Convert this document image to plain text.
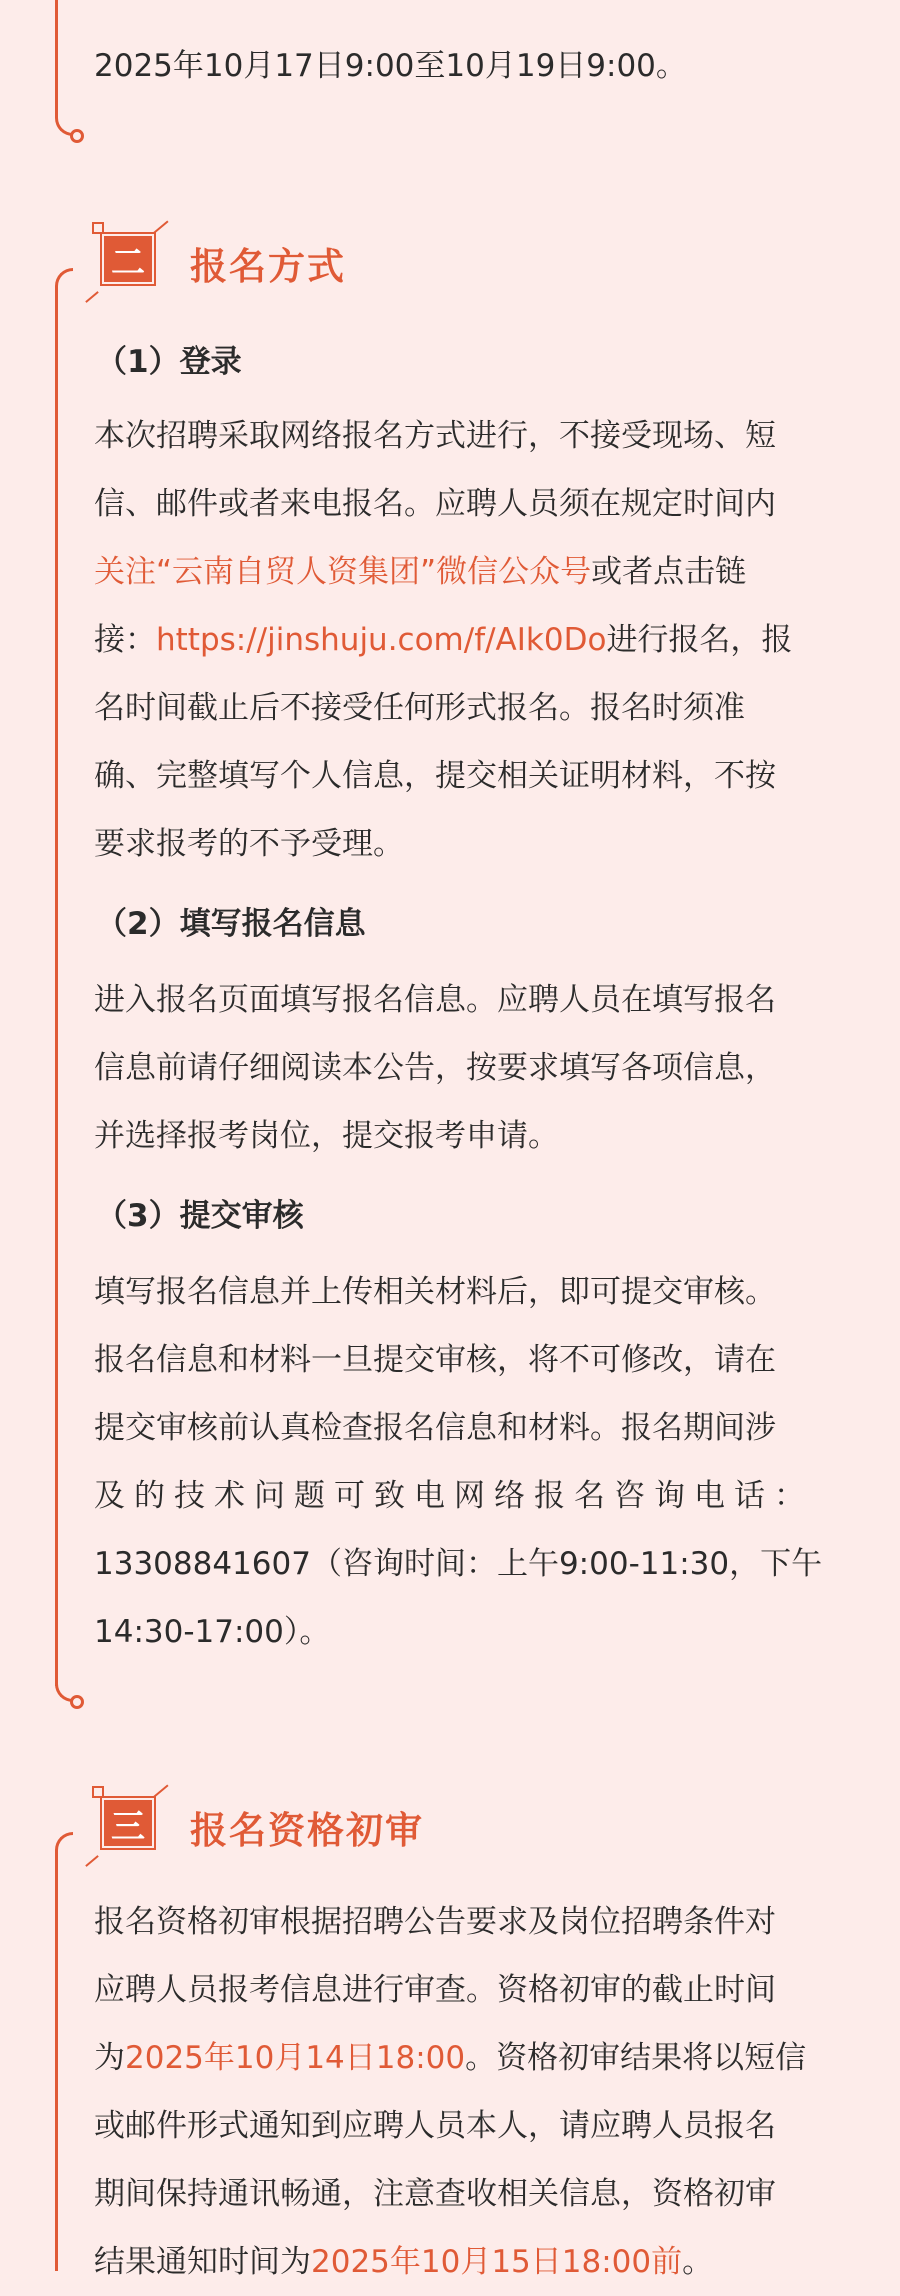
2025年10月17日9:00至10月19日9:00。
二 报名方式
（1）登录
本次招聘采取网络报名方式进行，不接受现场、短
信、邮件或者来电报名。应聘人员须在规定时间内
关注“云南自贸人资集团”微信公众号或者点击链
接：https://jinshuju.com/f/AIk0Do进行报名，报
名时间截止后不接受任何形式报名。报名时须准
确、完整填写个人信息，提交相关证明材料，不按
要求报考的不予受理。
（2）填写报名信息
进入报名页面填写报名信息。应聘人员在填写报名
信息前请仔细阅读本公告，按要求填写各项信息，
并选择报考岗位，提交报考申请。
（3）提交审核
填写报名信息并上传相关材料后，即可提交审核。
报名信息和材料一旦提交审核，将不可修改，请在
提交审核前认真检查报名信息和材料。报名期间涉
及的技术问题可致电网络报名咨询电话：
13308841607（咨询时间：上午9:00-11:30，下午
14:30-17:00）。
三 报名资格初审
报名资格初审根据招聘公告要求及岗位招聘条件对
应聘人员报考信息进行审查。资格初审的截止时间
为2025年10月14日18:00。资格初审结果将以短信
或邮件形式通知到应聘人员本人，请应聘人员报名
期间保持通讯畅通，注意查收相关信息，资格初审
结果通知时间为2025年10月15日18:00前。
